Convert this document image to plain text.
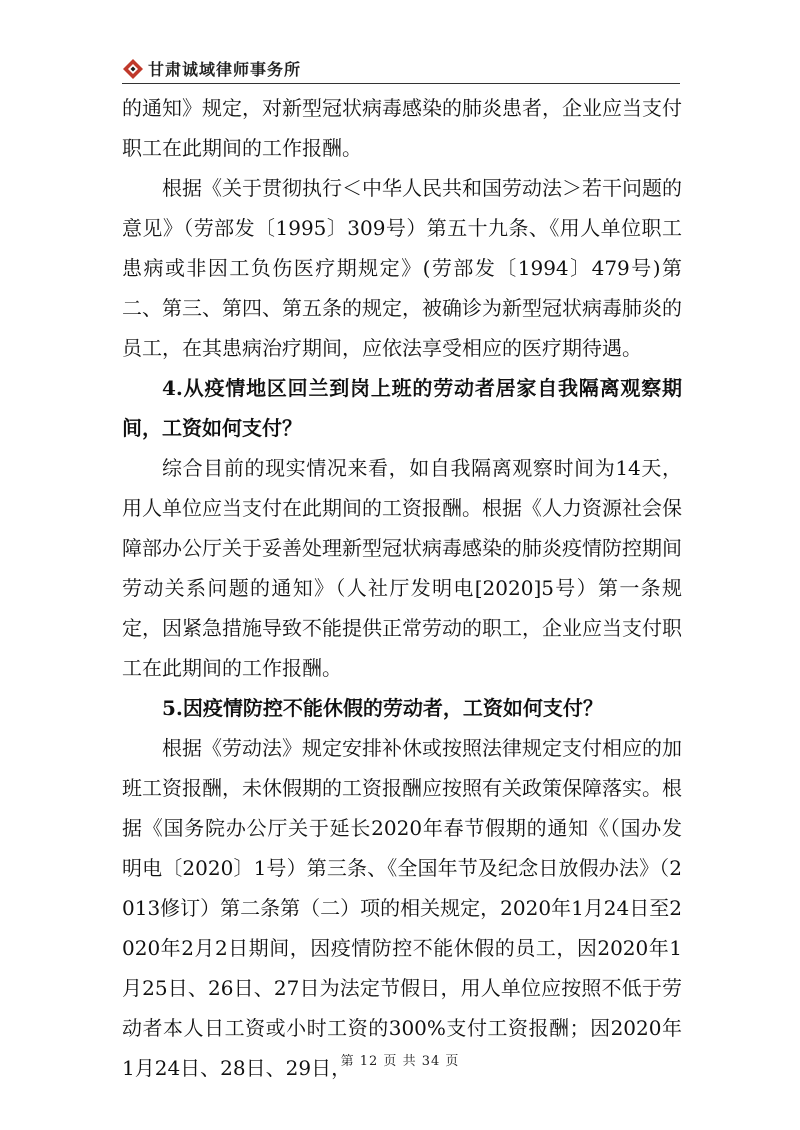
甘肃诚域律师事务所

的通知》规定，对新型冠状病毒感染的肺炎患者，企业应当支付职工在此期间的工作报酬。

根据《关于贯彻执行＜中华人民共和国劳动法＞若干问题的意见》（劳部发〔1995〕309号）第五十九条、《用人单位职工患病或非因工负伤医疗期规定》(劳部发〔1994〕479号)第二、第三、第四、第五条的规定，被确诊为新型冠状病毒肺炎的员工，在其患病治疗期间，应依法享受相应的医疗期待遇。

4.从疫情地区回兰到岗上班的劳动者居家自我隔离观察期间，工资如何支付？

综合目前的现实情况来看，如自我隔离观察时间为14天，用人单位应当支付在此期间的工资报酬。根据《人力资源社会保障部办公厅关于妥善处理新型冠状病毒感染的肺炎疫情防控期间劳动关系问题的通知》（人社厅发明电[2020]5号）第一条规定，因紧急措施导致不能提供正常劳动的职工，企业应当支付职工在此期间的工作报酬。

5.因疫情防控不能休假的劳动者，工资如何支付？

根据《劳动法》规定安排补休或按照法律规定支付相应的加班工资报酬，未休假期的工资报酬应按照有关政策保障落实。根据《国务院办公厅关于延长2020年春节假期的通知《（国办发明电〔2020〕1号）第三条、《全国年节及纪念日放假办法》（2013修订）第二条第（二）项的相关规定，2020年1月24日至2020年2月2日期间，因疫情防控不能休假的员工，因2020年1月25日、26日、27日为法定节假日，用人单位应按照不低于劳动者本人日工资或小时工资的300%支付工资报酬；因2020年1月24日、28日、29日，

第 12 页 共 34 页
